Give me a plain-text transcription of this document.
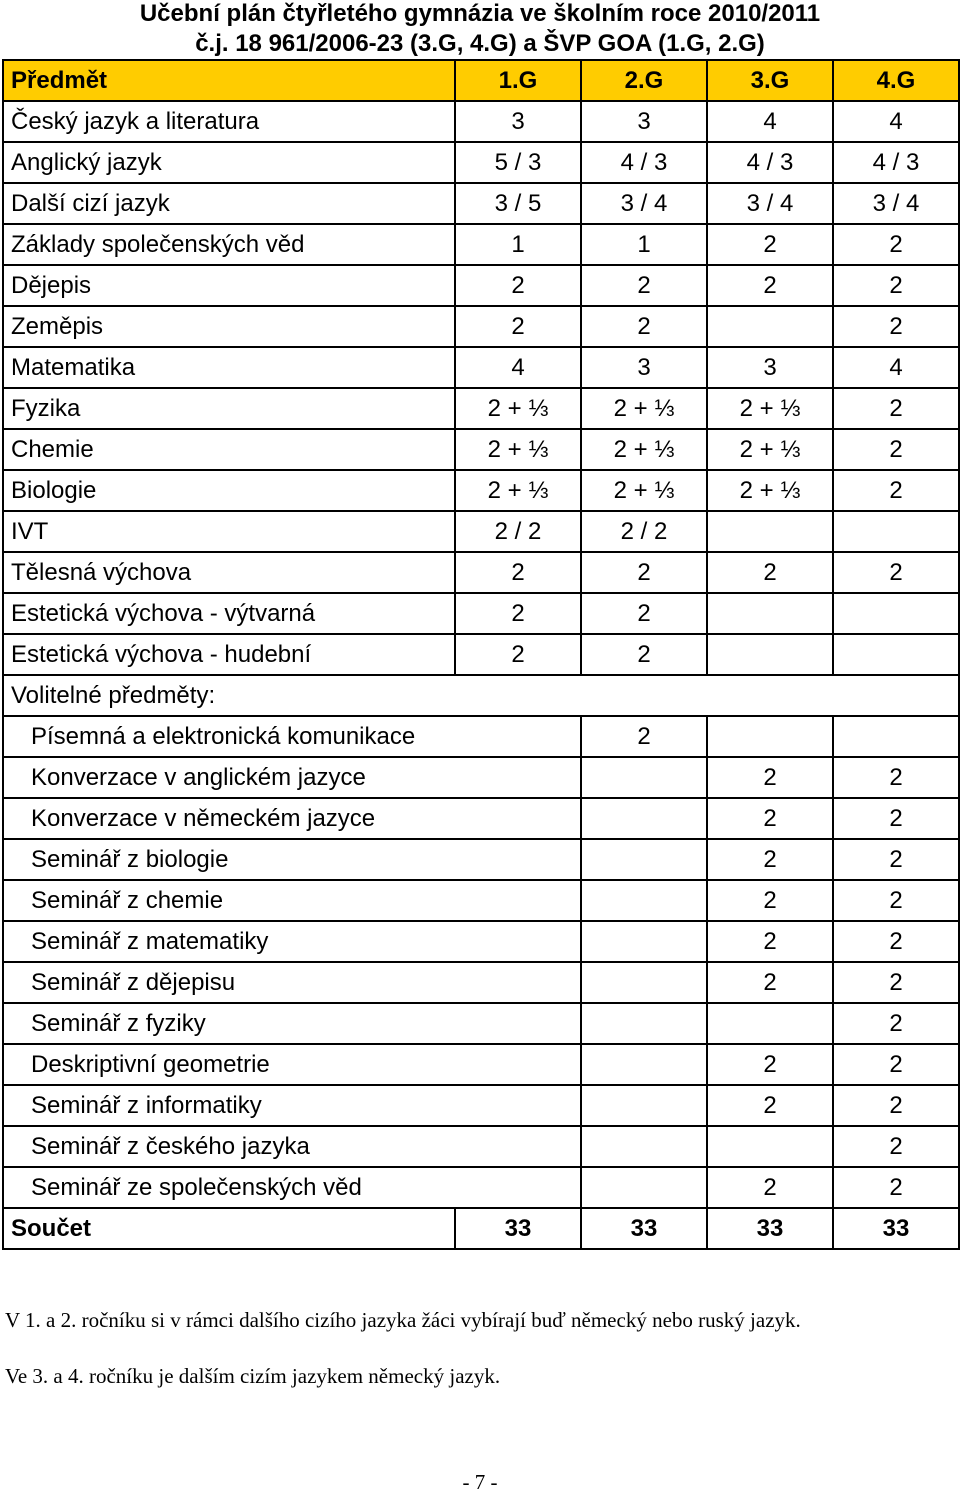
Učební plán čtyřletého gymnázia ve školním roce 2010/2011
č.j. 18 961/2006-23 (3.G, 4.G) a ŠVP GOA (1.G, 2.G)
Předmět	1.G	2.G	3.G	4.G
Český jazyk a literatura	3	3	4	4
Anglický jazyk	5 / 3	4 / 3	4 / 3	4 / 3
Další cizí jazyk	3 / 5	3 / 4	3 / 4	3 / 4
Základy společenských věd	1	1	2	2
Dějepis	2	2	2	2
Zeměpis	2	2		2
Matematika	4	3	3	4
Fyzika	2 + ⅓	2 + ⅓	2 + ⅓	2
Chemie	2 + ⅓	2 + ⅓	2 + ⅓	2
Biologie	2 + ⅓	2 + ⅓	2 + ⅓	2
IVT	2 / 2	2 / 2		
Tělesná výchova	2	2	2	2
Estetická výchova - výtvarná	2	2		
Estetická výchova - hudební	2	2		
Volitelné předměty:				
Písemná a elektronická komunikace		2		
Konverzace v anglickém jazyce			2	2
Konverzace v německém jazyce			2	2
Seminář z biologie			2	2
Seminář z chemie			2	2
Seminář z matematiky			2	2
Seminář z dějepisu			2	2
Seminář z fyziky				2
Deskriptivní geometrie			2	2
Seminář z informatiky			2	2
Seminář z českého jazyka				2
Seminář ze společenských věd			2	2
Součet	33	33	33	33
V 1. a 2. ročníku si v rámci dalšího cizího jazyka žáci vybírají buď německý nebo ruský jazyk.
Ve 3. a 4. ročníku je dalším cizím jazykem německý jazyk.
- 7 -
